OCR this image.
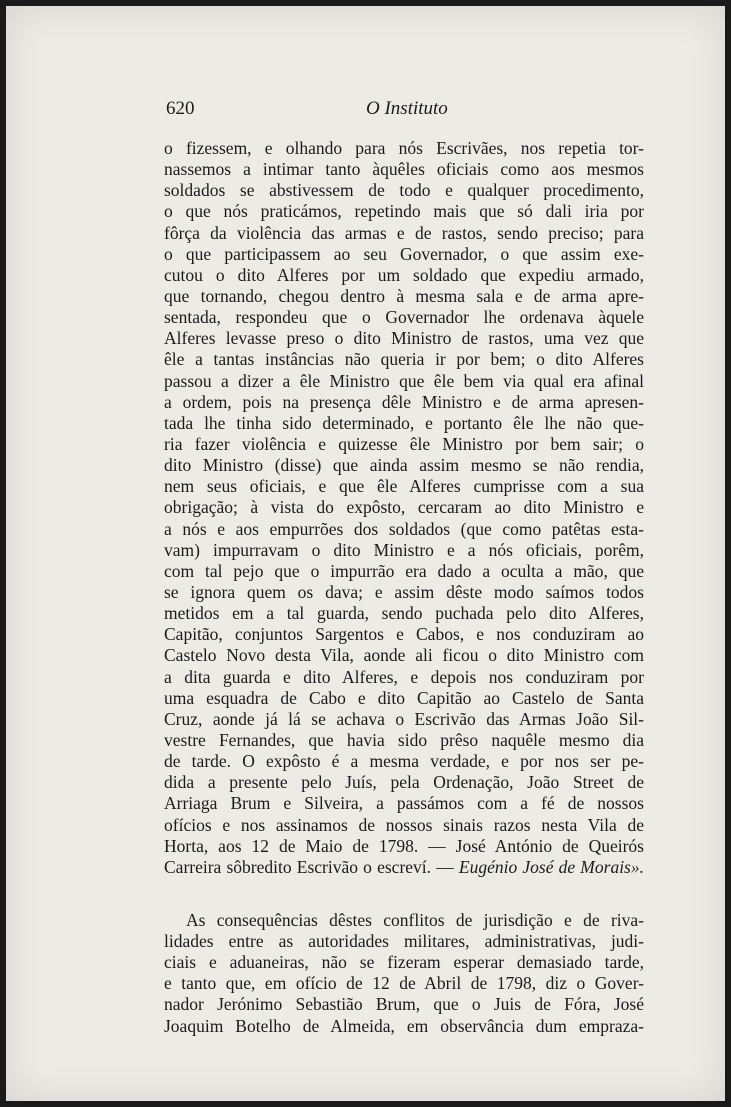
620	O Instituto
o fizessem, e olhando para nós Escrivães, nos repetia tor-
nassemos a intimar tanto àquêles oficiais como aos mesmos
soldados se abstivessem de todo e qualquer procedimento,
o que nós praticámos, repetindo mais que só dali iria por
fôrça da violência das armas e de rastos, sendo preciso; para
o que participassem ao seu Governador, o que assim exe-
cutou o dito Alferes por um soldado que expediu armado,
que tornando, chegou dentro à mesma sala e de arma apre-
sentada, respondeu que o Governador lhe ordenava àquele
Alferes levasse preso o dito Ministro de rastos, uma vez que
êle a tantas instâncias não queria ir por bem; o dito Alferes
passou a dizer a êle Ministro que êle bem via qual era afinal
a ordem, pois na presença dêle Ministro e de arma apresen-
tada lhe tinha sido determinado, e portanto êle lhe não que-
ria fazer violência e quizesse êle Ministro por bem sair; o
dito Ministro (disse) que ainda assim mesmo se não rendia,
nem seus oficiais, e que êle Alferes cumprisse com a sua
obrigação; à vista do expôsto, cercaram ao dito Ministro e
a nós e aos empurrões dos soldados (que como patêtas esta-
vam) impurravam o dito Ministro e a nós oficiais, porêm,
com tal pejo que o impurrão era dado a oculta a mão, que
se ignora quem os dava; e assim dêste modo saímos todos
metidos em a tal guarda, sendo puchada pelo dito Alferes,
Capitão, conjuntos Sargentos e Cabos, e nos conduziram ao
Castelo Novo desta Vila, aonde ali ficou o dito Ministro com
a dita guarda e dito Alferes, e depois nos conduziram por
uma esquadra de Cabo e dito Capitão ao Castelo de Santa
Cruz, aonde já lá se achava o Escrivão das Armas João Sil-
vestre Fernandes, que havia sido prêso naquêle mesmo dia
de tarde. O expôsto é a mesma verdade, e por nos ser pe-
dida a presente pelo Juís, pela Ordenação, João Street de
Arriaga Brum e Silveira, a passámos com a fé de nossos
ofícios e nos assinamos de nossos sinais razos nesta Vila de
Horta, aos 12 de Maio de 1798. — José António de Queirós
Carreira sôbredito Escrivão o escreví. — Eugénio José de Morais».
As consequências dêstes conflitos de jurisdição e de riva-
lidades entre as autoridades militares, administrativas, judi-
ciais e aduaneiras, não se fizeram esperar demasiado tarde,
e tanto que, em ofício de 12 de Abril de 1798, diz o Gover-
nador Jerónimo Sebastião Brum, que o Juis de Fóra, José
Joaquim Botelho de Almeida, em observância dum empraza-
